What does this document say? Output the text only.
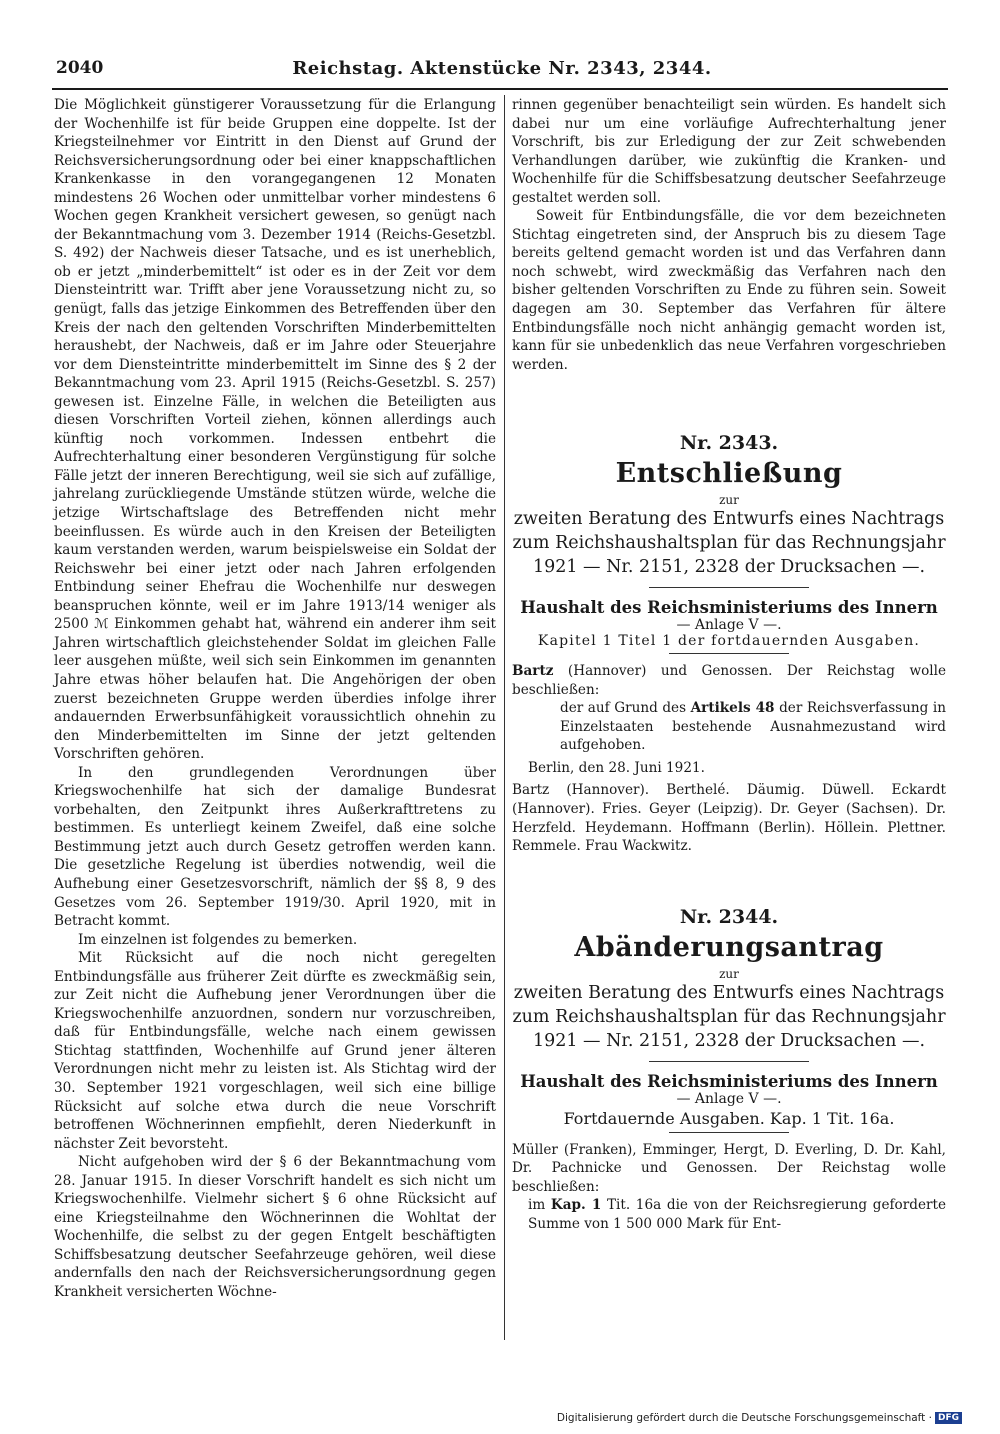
2040	Reichstag. Aktenstücke Nr. 2343, 2344.

Die Möglichkeit günstigerer Voraussetzung für die Erlangung der Wochenhilfe ist für beide Gruppen eine doppelte. Ist der Kriegsteilnehmer vor Eintritt in den Dienst auf Grund der Reichsversicherungsordnung oder bei einer knappschaftlichen Krankenkasse in den vorangegangenen 12 Monaten mindestens 26 Wochen oder unmittelbar vorher mindestens 6 Wochen gegen Krankheit versichert gewesen, so genügt nach der Bekanntmachung vom 3. Dezember 1914 (Reichs-Gesetzbl. S. 492) der Nachweis dieser Tatsache, und es ist unerheblich, ob er jetzt „minderbemittelt“ ist oder es in der Zeit vor dem Diensteintritt war. Trifft aber jene Voraussetzung nicht zu, so genügt, falls das jetzige Einkommen des Betreffenden über den Kreis der nach den geltenden Vorschriften Minderbemittelten heraushebt, der Nachweis, daß er im Jahre oder Steuerjahre vor dem Diensteintritte minderbemittelt im Sinne des § 2 der Bekanntmachung vom 23. April 1915 (Reichs-Gesetzbl. S. 257) gewesen ist. Einzelne Fälle, in welchen die Beteiligten aus diesen Vorschriften Vorteil ziehen, können allerdings auch künftig noch vorkommen. Indessen entbehrt die Aufrechterhaltung einer besonderen Vergünstigung für solche Fälle jetzt der inneren Berechtigung, weil sie sich auf zufällige, jahrelang zurückliegende Umstände stützen würde, welche die jetzige Wirtschaftslage des Betreffenden nicht mehr beeinflussen. Es würde auch in den Kreisen der Beteiligten kaum verstanden werden, warum beispielsweise ein Soldat der Reichswehr bei einer jetzt oder nach Jahren erfolgenden Entbindung seiner Ehefrau die Wochenhilfe nur deswegen beanspruchen könnte, weil er im Jahre 1913/14 weniger als 2500 ℳ Einkommen gehabt hat, während ein anderer ihm seit Jahren wirtschaftlich gleichstehender Soldat im gleichen Falle leer ausgehen müßte, weil sich sein Einkommen im genannten Jahre etwas höher belaufen hat. Die Angehörigen der oben zuerst bezeichneten Gruppe werden überdies infolge ihrer andauernden Erwerbsunfähigkeit voraussichtlich ohnehin zu den Minderbemittelten im Sinne der jetzt geltenden Vorschriften gehören.

In den grundlegenden Verordnungen über Kriegswochenhilfe hat sich der damalige Bundesrat vorbehalten, den Zeitpunkt ihres Außerkrafttretens zu bestimmen. Es unterliegt keinem Zweifel, daß eine solche Bestimmung jetzt auch durch Gesetz getroffen werden kann. Die gesetzliche Regelung ist überdies notwendig, weil die Aufhebung einer Gesetzesvorschrift, nämlich der §§ 8, 9 des Gesetzes vom 26. September 1919/30. April 1920, mit in Betracht kommt.

Im einzelnen ist folgendes zu bemerken.

Mit Rücksicht auf die noch nicht geregelten Entbindungsfälle aus früherer Zeit dürfte es zweckmäßig sein, zur Zeit nicht die Aufhebung jener Verordnungen über die Kriegswochenhilfe anzuordnen, sondern nur vorzuschreiben, daß für Entbindungsfälle, welche nach einem gewissen Stichtag stattfinden, Wochenhilfe auf Grund jener älteren Verordnungen nicht mehr zu leisten ist. Als Stichtag wird der 30. September 1921 vorgeschlagen, weil sich eine billige Rücksicht auf solche etwa durch die neue Vorschrift betroffenen Wöchnerinnen empfiehlt, deren Niederkunft in nächster Zeit bevorsteht.

Nicht aufgehoben wird der § 6 der Bekanntmachung vom 28. Januar 1915. In dieser Vorschrift handelt es sich nicht um Kriegswochenhilfe. Vielmehr sichert § 6 ohne Rücksicht auf eine Kriegsteilnahme den Wöchnerinnen die Wohltat der Wochenhilfe, die selbst zu der gegen Entgelt beschäftigten Schiffsbesatzung deutscher Seefahrzeuge gehören, weil diese andernfalls den nach der Reichsversicherungsordnung gegen Krankheit versicherten Wöchne-

rinnen gegenüber benachteiligt sein würden. Es handelt sich dabei nur um eine vorläufige Aufrechterhaltung jener Vorschrift, bis zur Erledigung der zur Zeit schwebenden Verhandlungen darüber, wie zukünftig die Kranken- und Wochenhilfe für die Schiffsbesatzung deutscher Seefahrzeuge gestaltet werden soll.

Soweit für Entbindungsfälle, die vor dem bezeichneten Stichtag eingetreten sind, der Anspruch bis zu diesem Tage bereits geltend gemacht worden ist und das Verfahren dann noch schwebt, wird zweckmäßig das Verfahren nach den bisher geltenden Vorschriften zu Ende zu führen sein. Soweit dagegen am 30. September das Verfahren für ältere Entbindungsfälle noch nicht anhängig gemacht worden ist, kann für sie unbedenklich das neue Verfahren vorgeschrieben werden.

Nr. 2343.

Entschließung

zur

zweiten Beratung des Entwurfs eines Nachtrags zum Reichshaushaltsplan für das Rechnungsjahr 1921 — Nr. 2151, 2328 der Drucksachen —.

Haushalt des Reichsministeriums des Innern

— Anlage V —.

Kapitel 1 Titel 1 der fortdauernden Ausgaben.

Bartz (Hannover) und Genossen. Der Reichstag wolle beschließen:

der auf Grund des Artikels 48 der Reichsverfassung in Einzelstaaten bestehende Ausnahmezustand wird aufgehoben.

Berlin, den 28. Juni 1921.

Bartz (Hannover). Berthelé. Däumig. Düwell. Eckardt (Hannover). Fries. Geyer (Leipzig). Dr. Geyer (Sachsen). Dr. Herzfeld. Heydemann. Hoffmann (Berlin). Höllein. Plettner. Remmele. Frau Wackwitz.

Nr. 2344.

Abänderungsantrag

zur

zweiten Beratung des Entwurfs eines Nachtrags zum Reichshaushaltsplan für das Rechnungsjahr 1921 — Nr. 2151, 2328 der Drucksachen —.

Haushalt des Reichsministeriums des Innern

— Anlage V —.

Fortdauernde Ausgaben. Kap. 1 Tit. 16a.

Müller (Franken), Emminger, Hergt, D. Everling, D. Dr. Kahl, Dr. Pachnicke und Genossen. Der Reichstag wolle beschließen:

im Kap. 1 Tit. 16a die von der Reichsregierung geforderte Summe von 1 500 000 Mark für Ent-

Digitalisierung gefördert durch die Deutsche Forschungsgemeinschaft · DFG
